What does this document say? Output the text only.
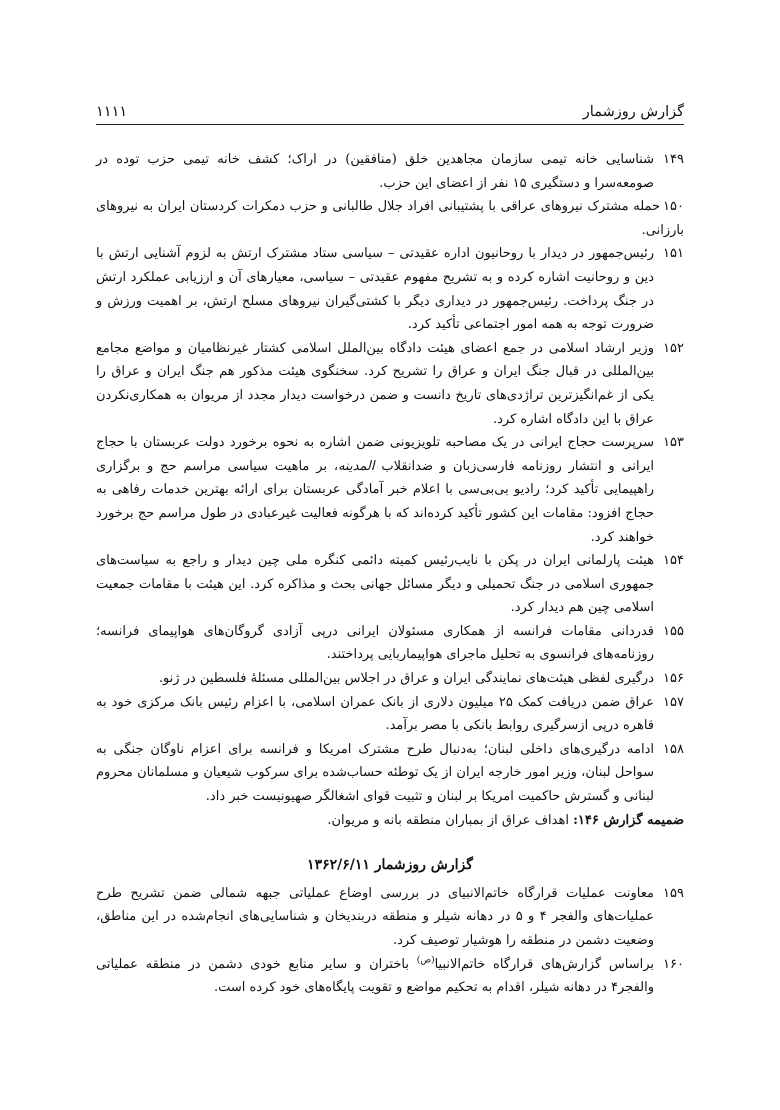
گزارش روزشمار
۱۱۱۱
۱۴۹
شناسایی خانه تیمی سازمان مجاهدین خلق (منافقین) در اراک؛ کشف خانه تیمی حزب توده در صومعه‌سرا و دستگیری ۱۵ نفر از اعضای این حزب.
۱۵۰حمله مشترک نیروهای عراقی با پشتیبانی افراد جلال طالبانی و حزب دمکرات کردستان ایران به نیروهای بارزانی.
۱۵۱
رئیس‌جمهور در دیدار با روحانیون اداره عقیدتی – سیاسی ستاد مشترک ارتش به لزوم آشنایی ارتش با دین و روحانیت اشاره کرده و به تشریح مفهوم عقیدتی – سیاسی، معیارهای آن و ارزیابی عملکرد ارتش در جنگ پرداخت. رئیس‌جمهور در دیداری دیگر با کشتی‌گیران نیروهای مسلح ارتش، بر اهمیت ورزش و ضرورت توجه به همه امور اجتماعی تأکید کرد.
۱۵۲
وزیر ارشاد اسلامی در جمع اعضای هیئت دادگاه بین‌الملل اسلامی کشتار غیرنظامیان و مواضع مجامع بین‌المللی در قبال جنگ ایران و عراق را تشریح کرد. سخنگوی هیئت مذکور هم جنگ ایران و عراق را یکی از غم‌انگیزترین تراژدی‌های تاریخ دانست و ضمن درخواست دیدار مجدد از مریوان به همکاری‌نکردن عراق با این دادگاه اشاره کرد.
۱۵۳
سرپرست حجاج ایرانی در یک مصاحبه تلویزیونی ضمن اشاره به نحوه برخورد دولت عربستان با حجاج ایرانی و انتشار روزنامه فارسی‌زبان و ضدانقلاب المدینه، بر ماهیت سیاسی مراسم حج و برگزاری راهپیمایی تأکید کرد؛ رادیو بی‌بی‌سی با اعلام خبر آمادگی عربستان برای ارائه بهترین خدمات رفاهی به حجاج افزود: مقامات این کشور تأکید کرده‌اند که با هرگونه فعالیت غیرعبادی در طول مراسم حج برخورد خواهند کرد.
۱۵۴
هیئت پارلمانی ایران در پکن با نایب‌رئیس کمیته دائمی کنگره ملی چین دیدار و راجع به سیاست‌های جمهوری اسلامی در جنگ تحمیلی و دیگر مسائل جهانی بحث و مذاکره کرد. این هیئت با مقامات جمعیت اسلامی چین هم دیدار کرد.
۱۵۵
قدردانی مقامات فرانسه از همکاری مسئولان ایرانی درپی آزادی گروگان‌های هواپیمای فرانسه؛ روزنامه‌های فرانسوی به تحلیل ماجرای هواپیماربایی پرداختند.
۱۵۶
درگیری لفظی هیئت‌های نمایندگی ایران و عراق در اجلاس بین‌المللی مسئلهٔ فلسطین در ژنو.
۱۵۷
عراق ضمن دریافت کمک ۲۵ میلیون دلاری از بانک عمران اسلامی، با اعزام رئیس بانک مرکزی خود به قاهره درپی ازسرگیری روابط بانکی با مصر برآمد.
۱۵۸
ادامه درگیری‌های داخلی لبنان؛ به‌دنبال طرح مشترک امریکا و فرانسه برای اعزام ناوگان جنگی به سواحل لبنان، وزیر امور خارجه ایران از یک توطئه حساب‌شده برای سرکوب شیعیان و مسلمانان محروم لبنانی و گسترش حاکمیت امریکا بر لبنان و تثبیت قوای اشغالگر صهیونیست خبر داد.
ضمیمه گزارش ۱۴۶: اهداف عراق از بمباران منطقه بانه و مریوان.
گزارش روزشمار ۱۳۶۲/۶/۱۱
۱۵۹
معاونت عملیات قرارگاه خاتم‌الانبیای در بررسی اوضاع عملیاتی جبهه شمالی ضمن تشریح طرح عملیات‌های والفجر ۴ و ۵ در دهانه شیلر و منطقه دربندیخان و شناسایی‌های انجام‌شده در این مناطق، وضعیت دشمن در منطقه را هوشیار توصیف کرد.
۱۶۰
براساس گزارش‌های قرارگاه خاتم‌الانبیا$^{(ص)}$ باختران و سایر منابع خودی دشمن در منطقه عملیاتی والفجر۴ در دهانه شیلر، اقدام به تحکیم مواضع و تقویت پایگاه‌های خود کرده است.
